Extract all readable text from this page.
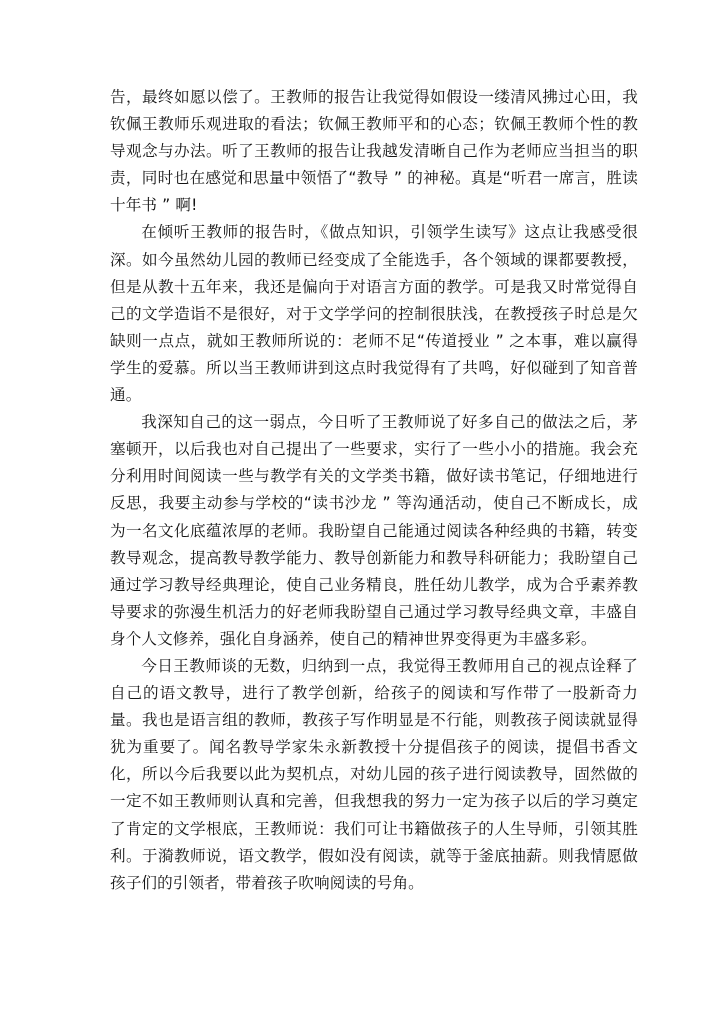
告，最终如愿以偿了。王教师的报告让我觉得如假设一缕清风拂过心田，我钦佩王教师乐观进取的看法；钦佩王教师平和的心态；钦佩王教师个性的教导观念与办法。听了王教师的报告让我越发清晰自己作为老师应当担当的职责，同时也在感觉和思量中领悟了“教导 ” 的神秘。真是“听君一席言，胜读十年书 ” 啊!

在倾听王教师的报告时，《做点知识，引领学生读写》这点让我感受很深。如今虽然幼儿园的教师已经变成了全能选手，各个领域的课都要教授，但是从教十五年来，我还是偏向于对语言方面的教学。可是我又时常觉得自己的文学造诣不是很好，对于文学学问的控制很肤浅，在教授孩子时总是欠缺则一点点，就如王教师所说的：老师不足“传道授业 ” 之本事，难以赢得学生的爱慕。所以当王教师讲到这点时我觉得有了共鸣，好似碰到了知音普通。

我深知自己的这一弱点，今日听了王教师说了好多自己的做法之后，茅塞顿开，以后我也对自己提出了一些要求，实行了一些小小的措施。我会充分利用时间阅读一些与教学有关的文学类书籍，做好读书笔记，仔细地进行反思，我要主动参与学校的“读书沙龙 ” 等沟通活动，使自己不断成长，成为一名文化底蕴浓厚的老师。我盼望自己能通过阅读各种经典的书籍，转变教导观念，提高教导教学能力、教导创新能力和教导科研能力；我盼望自己通过学习教导经典理论，使自己业务精良，胜任幼儿教学，成为合乎素养教导要求的弥漫生机活力的好老师我盼望自己通过学习教导经典文章，丰盛自身个人文修养，强化自身涵养，使自己的精神世界变得更为丰盛多彩。

今日王教师谈的无数，归纳到一点，我觉得王教师用自己的视点诠释了自己的语文教导，进行了教学创新，给孩子的阅读和写作带了一股新奇力量。我也是语言组的教师，教孩子写作明显是不行能，则教孩子阅读就显得犹为重要了。闻名教导学家朱永新教授十分提倡孩子的阅读，提倡书香文化，所以今后我要以此为契机点，对幼儿园的孩子进行阅读教导，固然做的一定不如王教师则认真和完善，但我想我的努力一定为孩子以后的学习奠定了肯定的文学根底，王教师说：我们可让书籍做孩子的人生导师，引领其胜利。于漪教师说，语文教学，假如没有阅读，就等于釜底抽薪。则我情愿做孩子们的引领者，带着孩子吹响阅读的号角。
